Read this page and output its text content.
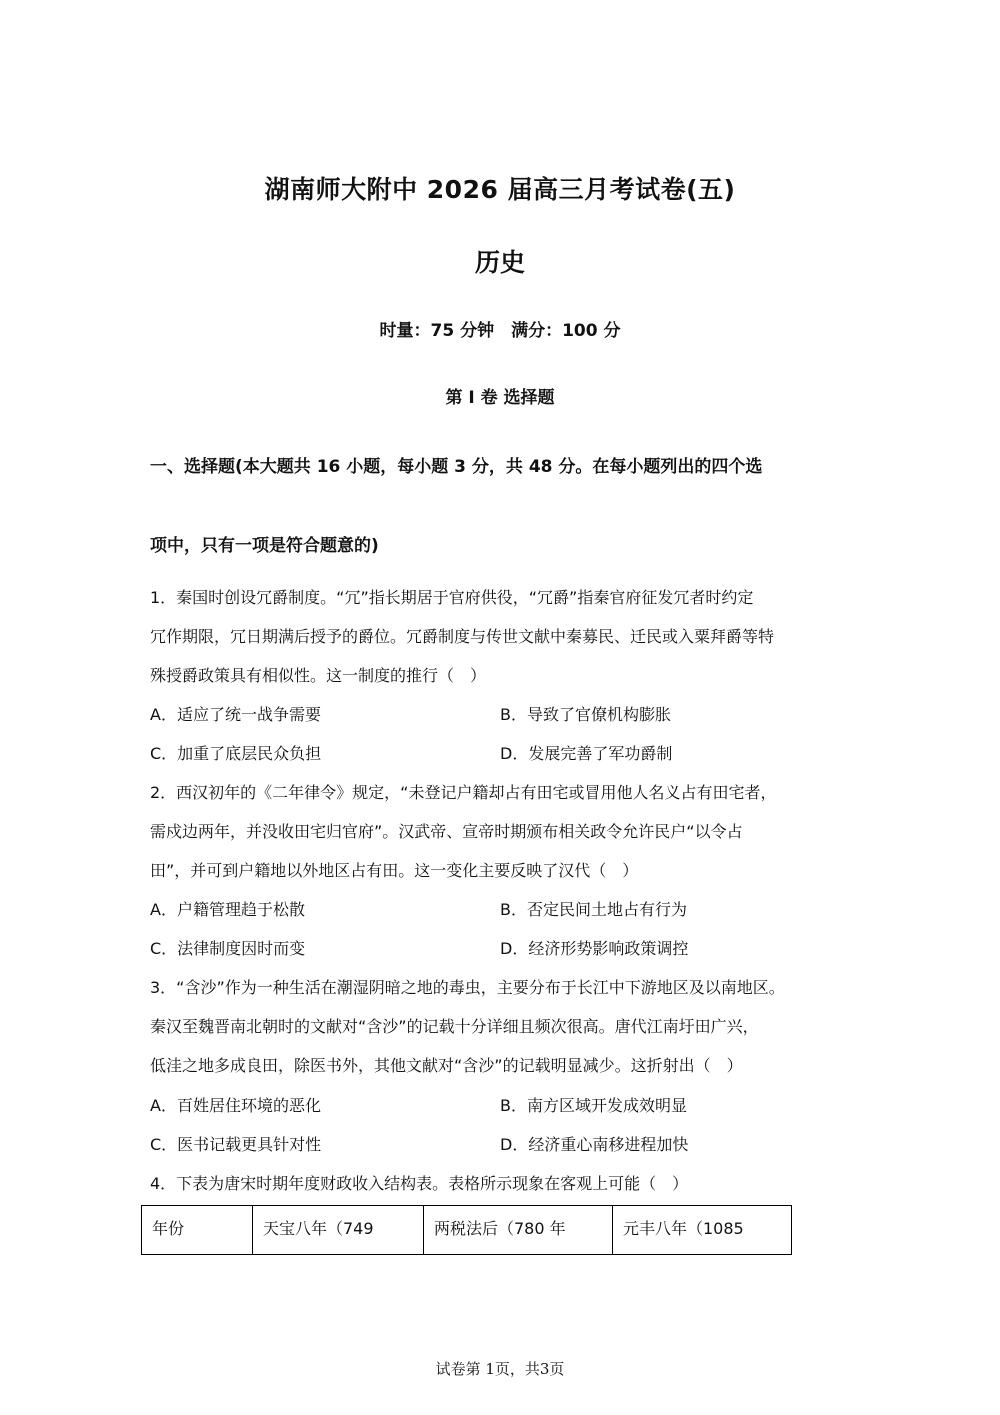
湖南师大附中 2026 届高三月考试卷(五)
历史
时量：75 分钟　满分：100 分
第 I 卷 选择题
一、选择题(本大题共 16 小题，每小题 3 分，共 48 分。在每小题列出的四个选
项中，只有一项是符合题意的)
1．秦国时创设冗爵制度。“冗”指长期居于官府供役，“冗爵”指秦官府征发冗者时约定
冗作期限，冗日期满后授予的爵位。冗爵制度与传世文献中秦募民、迁民或入粟拜爵等特
殊授爵政策具有相似性。这一制度的推行（　）
A．适应了统一战争需要	B．导致了官僚机构膨胀
C．加重了底层民众负担	D．发展完善了军功爵制
2．西汉初年的《二年律令》规定，“未登记户籍却占有田宅或冒用他人名义占有田宅者，
需戍边两年，并没收田宅归官府”。汉武帝、宣帝时期颁布相关政令允许民户“以令占
田”，并可到户籍地以外地区占有田。这一变化主要反映了汉代（　）
A．户籍管理趋于松散	B．否定民间土地占有行为
C．法律制度因时而变	D．经济形势影响政策调控
3．“含沙”作为一种生活在潮湿阴暗之地的毒虫，主要分布于长江中下游地区及以南地区。
秦汉至魏晋南北朝时的文献对“含沙”的记载十分详细且频次很高。唐代江南圩田广兴，
低洼之地多成良田，除医书外，其他文献对“含沙”的记载明显减少。这折射出（　）
A．百姓居住环境的恶化	B．南方区域开发成效明显
C．医书记载更具针对性	D．经济重心南移进程加快
4．下表为唐宋时期年度财政收入结构表。表格所示现象在客观上可能（　）
年份	天宝八年（749	两税法后（780 年	元丰八年（1085
试卷第 1页，共3页
